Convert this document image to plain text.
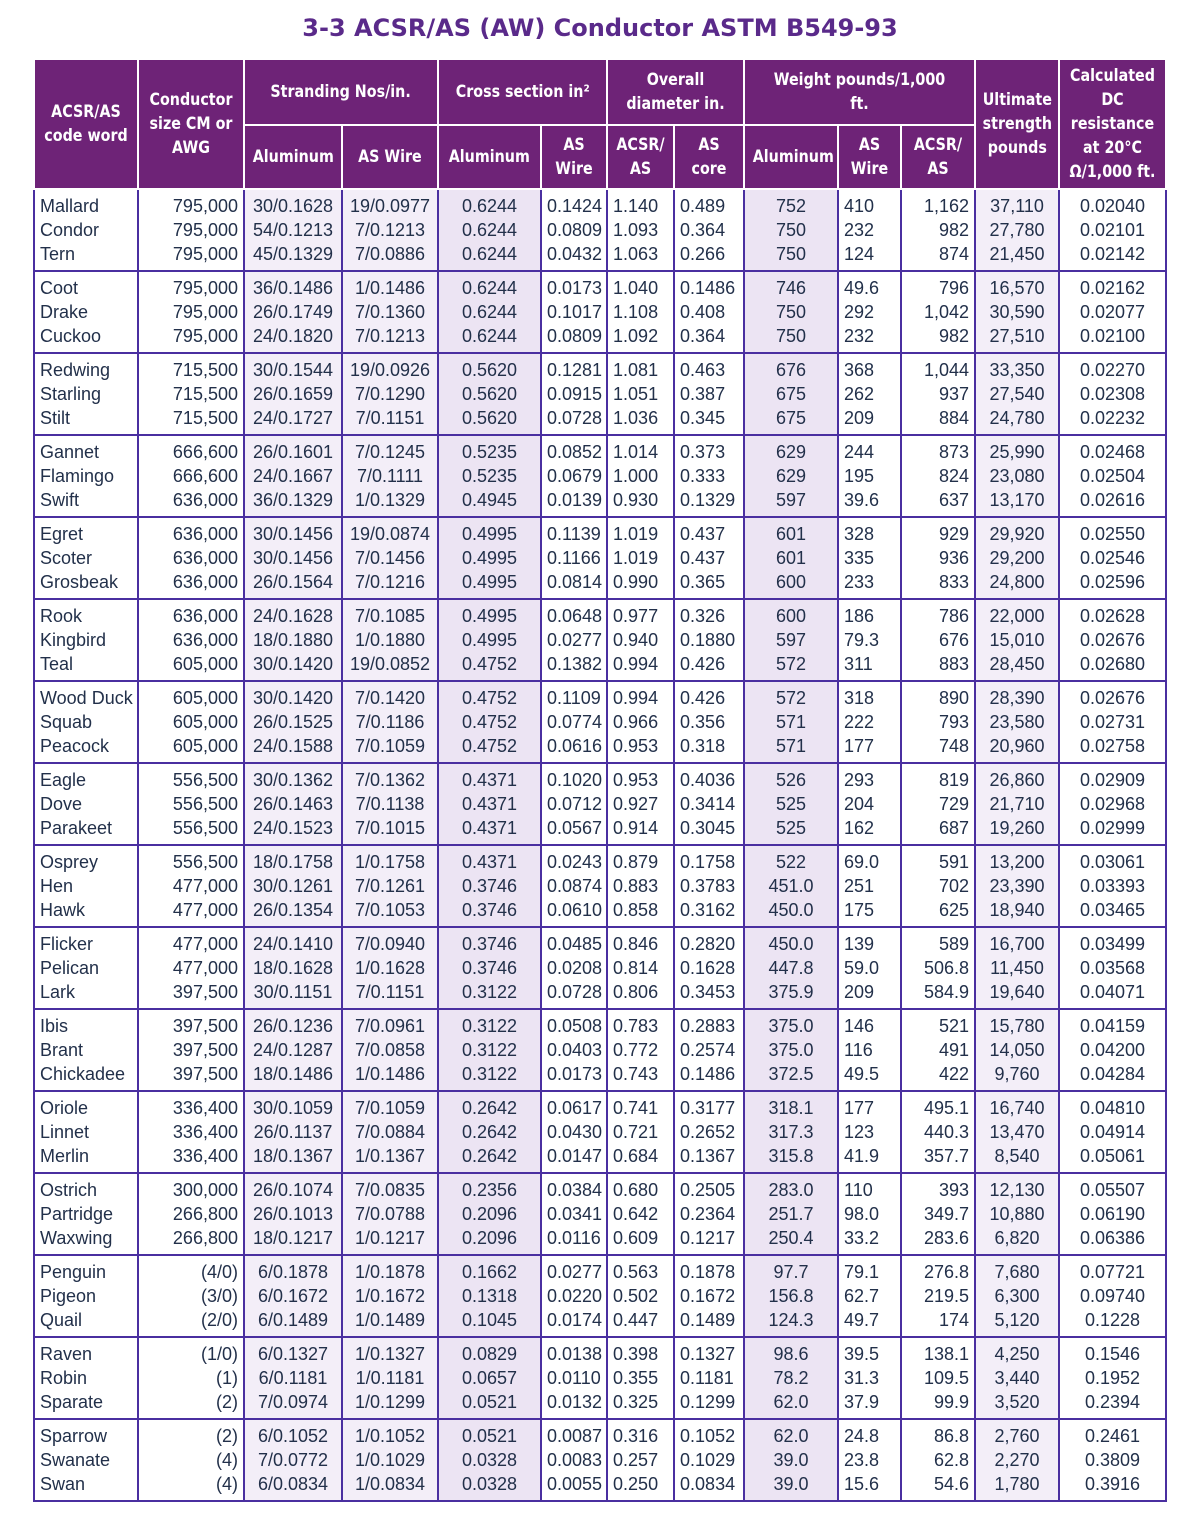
3-3 ACSR/AS (AW) Conductor ASTM B549-93
ACSR/AS code word	Conductor size CM or AWG	Stranding Nos/in.		Cross section in²		Overall diameter in.		Weight pounds/1,000 ft.			Ultimate strength pounds	Calculated DC resistance at 20°C Ω/1,000 ft.
		Aluminum	AS Wire	Aluminum	AS Wire	ACSR/ AS	AS core	Aluminum	AS Wire	ACSR/ AS		
Mallard	795,000	30/0.1628	19/0.0977	0.6244	0.1424	1.140	0.489	752	410	1,162	37,110	0.02040
Condor	795,000	54/0.1213	7/0.1213	0.6244	0.0809	1.093	0.364	750	232	982	27,780	0.02101
Tern	795,000	45/0.1329	7/0.0886	0.6244	0.0432	1.063	0.266	750	124	874	21,450	0.02142
Coot	795,000	36/0.1486	1/0.1486	0.6244	0.0173	1.040	0.1486	746	49.6	796	16,570	0.02162
Drake	795,000	26/0.1749	7/0.1360	0.6244	0.1017	1.108	0.408	750	292	1,042	30,590	0.02077
Cuckoo	795,000	24/0.1820	7/0.1213	0.6244	0.0809	1.092	0.364	750	232	982	27,510	0.02100
Redwing	715,500	30/0.1544	19/0.0926	0.5620	0.1281	1.081	0.463	676	368	1,044	33,350	0.02270
Starling	715,500	26/0.1659	7/0.1290	0.5620	0.0915	1.051	0.387	675	262	937	27,540	0.02308
Stilt	715,500	24/0.1727	7/0.1151	0.5620	0.0728	1.036	0.345	675	209	884	24,780	0.02232
Gannet	666,600	26/0.1601	7/0.1245	0.5235	0.0852	1.014	0.373	629	244	873	25,990	0.02468
Flamingo	666,600	24/0.1667	7/0.1111	0.5235	0.0679	1.000	0.333	629	195	824	23,080	0.02504
Swift	636,000	36/0.1329	1/0.1329	0.4945	0.0139	0.930	0.1329	597	39.6	637	13,170	0.02616
Egret	636,000	30/0.1456	19/0.0874	0.4995	0.1139	1.019	0.437	601	328	929	29,920	0.02550
Scoter	636,000	30/0.1456	7/0.1456	0.4995	0.1166	1.019	0.437	601	335	936	29,200	0.02546
Grosbeak	636,000	26/0.1564	7/0.1216	0.4995	0.0814	0.990	0.365	600	233	833	24,800	0.02596
Rook	636,000	24/0.1628	7/0.1085	0.4995	0.0648	0.977	0.326	600	186	786	22,000	0.02628
Kingbird	636,000	18/0.1880	1/0.1880	0.4995	0.0277	0.940	0.1880	597	79.3	676	15,010	0.02676
Teal	605,000	30/0.1420	19/0.0852	0.4752	0.1382	0.994	0.426	572	311	883	28,450	0.02680
Wood Duck	605,000	30/0.1420	7/0.1420	0.4752	0.1109	0.994	0.426	572	318	890	28,390	0.02676
Squab	605,000	26/0.1525	7/0.1186	0.4752	0.0774	0.966	0.356	571	222	793	23,580	0.02731
Peacock	605,000	24/0.1588	7/0.1059	0.4752	0.0616	0.953	0.318	571	177	748	20,960	0.02758
Eagle	556,500	30/0.1362	7/0.1362	0.4371	0.1020	0.953	0.4036	526	293	819	26,860	0.02909
Dove	556,500	26/0.1463	7/0.1138	0.4371	0.0712	0.927	0.3414	525	204	729	21,710	0.02968
Parakeet	556,500	24/0.1523	7/0.1015	0.4371	0.0567	0.914	0.3045	525	162	687	19,260	0.02999
Osprey	556,500	18/0.1758	1/0.1758	0.4371	0.0243	0.879	0.1758	522	69.0	591	13,200	0.03061
Hen	477,000	30/0.1261	7/0.1261	0.3746	0.0874	0.883	0.3783	451.0	251	702	23,390	0.03393
Hawk	477,000	26/0.1354	7/0.1053	0.3746	0.0610	0.858	0.3162	450.0	175	625	18,940	0.03465
Flicker	477,000	24/0.1410	7/0.0940	0.3746	0.0485	0.846	0.2820	450.0	139	589	16,700	0.03499
Pelican	477,000	18/0.1628	1/0.1628	0.3746	0.0208	0.814	0.1628	447.8	59.0	506.8	11,450	0.03568
Lark	397,500	30/0.1151	7/0.1151	0.3122	0.0728	0.806	0.3453	375.9	209	584.9	19,640	0.04071
Ibis	397,500	26/0.1236	7/0.0961	0.3122	0.0508	0.783	0.2883	375.0	146	521	15,780	0.04159
Brant	397,500	24/0.1287	7/0.0858	0.3122	0.0403	0.772	0.2574	375.0	116	491	14,050	0.04200
Chickadee	397,500	18/0.1486	1/0.1486	0.3122	0.0173	0.743	0.1486	372.5	49.5	422	9,760	0.04284
Oriole	336,400	30/0.1059	7/0.1059	0.2642	0.0617	0.741	0.3177	318.1	177	495.1	16,740	0.04810
Linnet	336,400	26/0.1137	7/0.0884	0.2642	0.0430	0.721	0.2652	317.3	123	440.3	13,470	0.04914
Merlin	336,400	18/0.1367	1/0.1367	0.2642	0.0147	0.684	0.1367	315.8	41.9	357.7	8,540	0.05061
Ostrich	300,000	26/0.1074	7/0.0835	0.2356	0.0384	0.680	0.2505	283.0	110	393	12,130	0.05507
Partridge	266,800	26/0.1013	7/0.0788	0.2096	0.0341	0.642	0.2364	251.7	98.0	349.7	10,880	0.06190
Waxwing	266,800	18/0.1217	1/0.1217	0.2096	0.0116	0.609	0.1217	250.4	33.2	283.6	6,820	0.06386
Penguin	(4/0)	6/0.1878	1/0.1878	0.1662	0.0277	0.563	0.1878	97.7	79.1	276.8	7,680	0.07721
Pigeon	(3/0)	6/0.1672	1/0.1672	0.1318	0.0220	0.502	0.1672	156.8	62.7	219.5	6,300	0.09740
Quail	(2/0)	6/0.1489	1/0.1489	0.1045	0.0174	0.447	0.1489	124.3	49.7	174	5,120	0.1228
Raven	(1/0)	6/0.1327	1/0.1327	0.0829	0.0138	0.398	0.1327	98.6	39.5	138.1	4,250	0.1546
Robin	(1)	6/0.1181	1/0.1181	0.0657	0.0110	0.355	0.1181	78.2	31.3	109.5	3,440	0.1952
Sparate	(2)	7/0.0974	1/0.1299	0.0521	0.0132	0.325	0.1299	62.0	37.9	99.9	3,520	0.2394
Sparrow	(2)	6/0.1052	1/0.1052	0.0521	0.0087	0.316	0.1052	62.0	24.8	86.8	2,760	0.2461
Swanate	(4)	7/0.0772	1/0.1029	0.0328	0.0083	0.257	0.1029	39.0	23.8	62.8	2,270	0.3809
Swan	(4)	6/0.0834	1/0.0834	0.0328	0.0055	0.250	0.0834	39.0	15.6	54.6	1,780	0.3916
